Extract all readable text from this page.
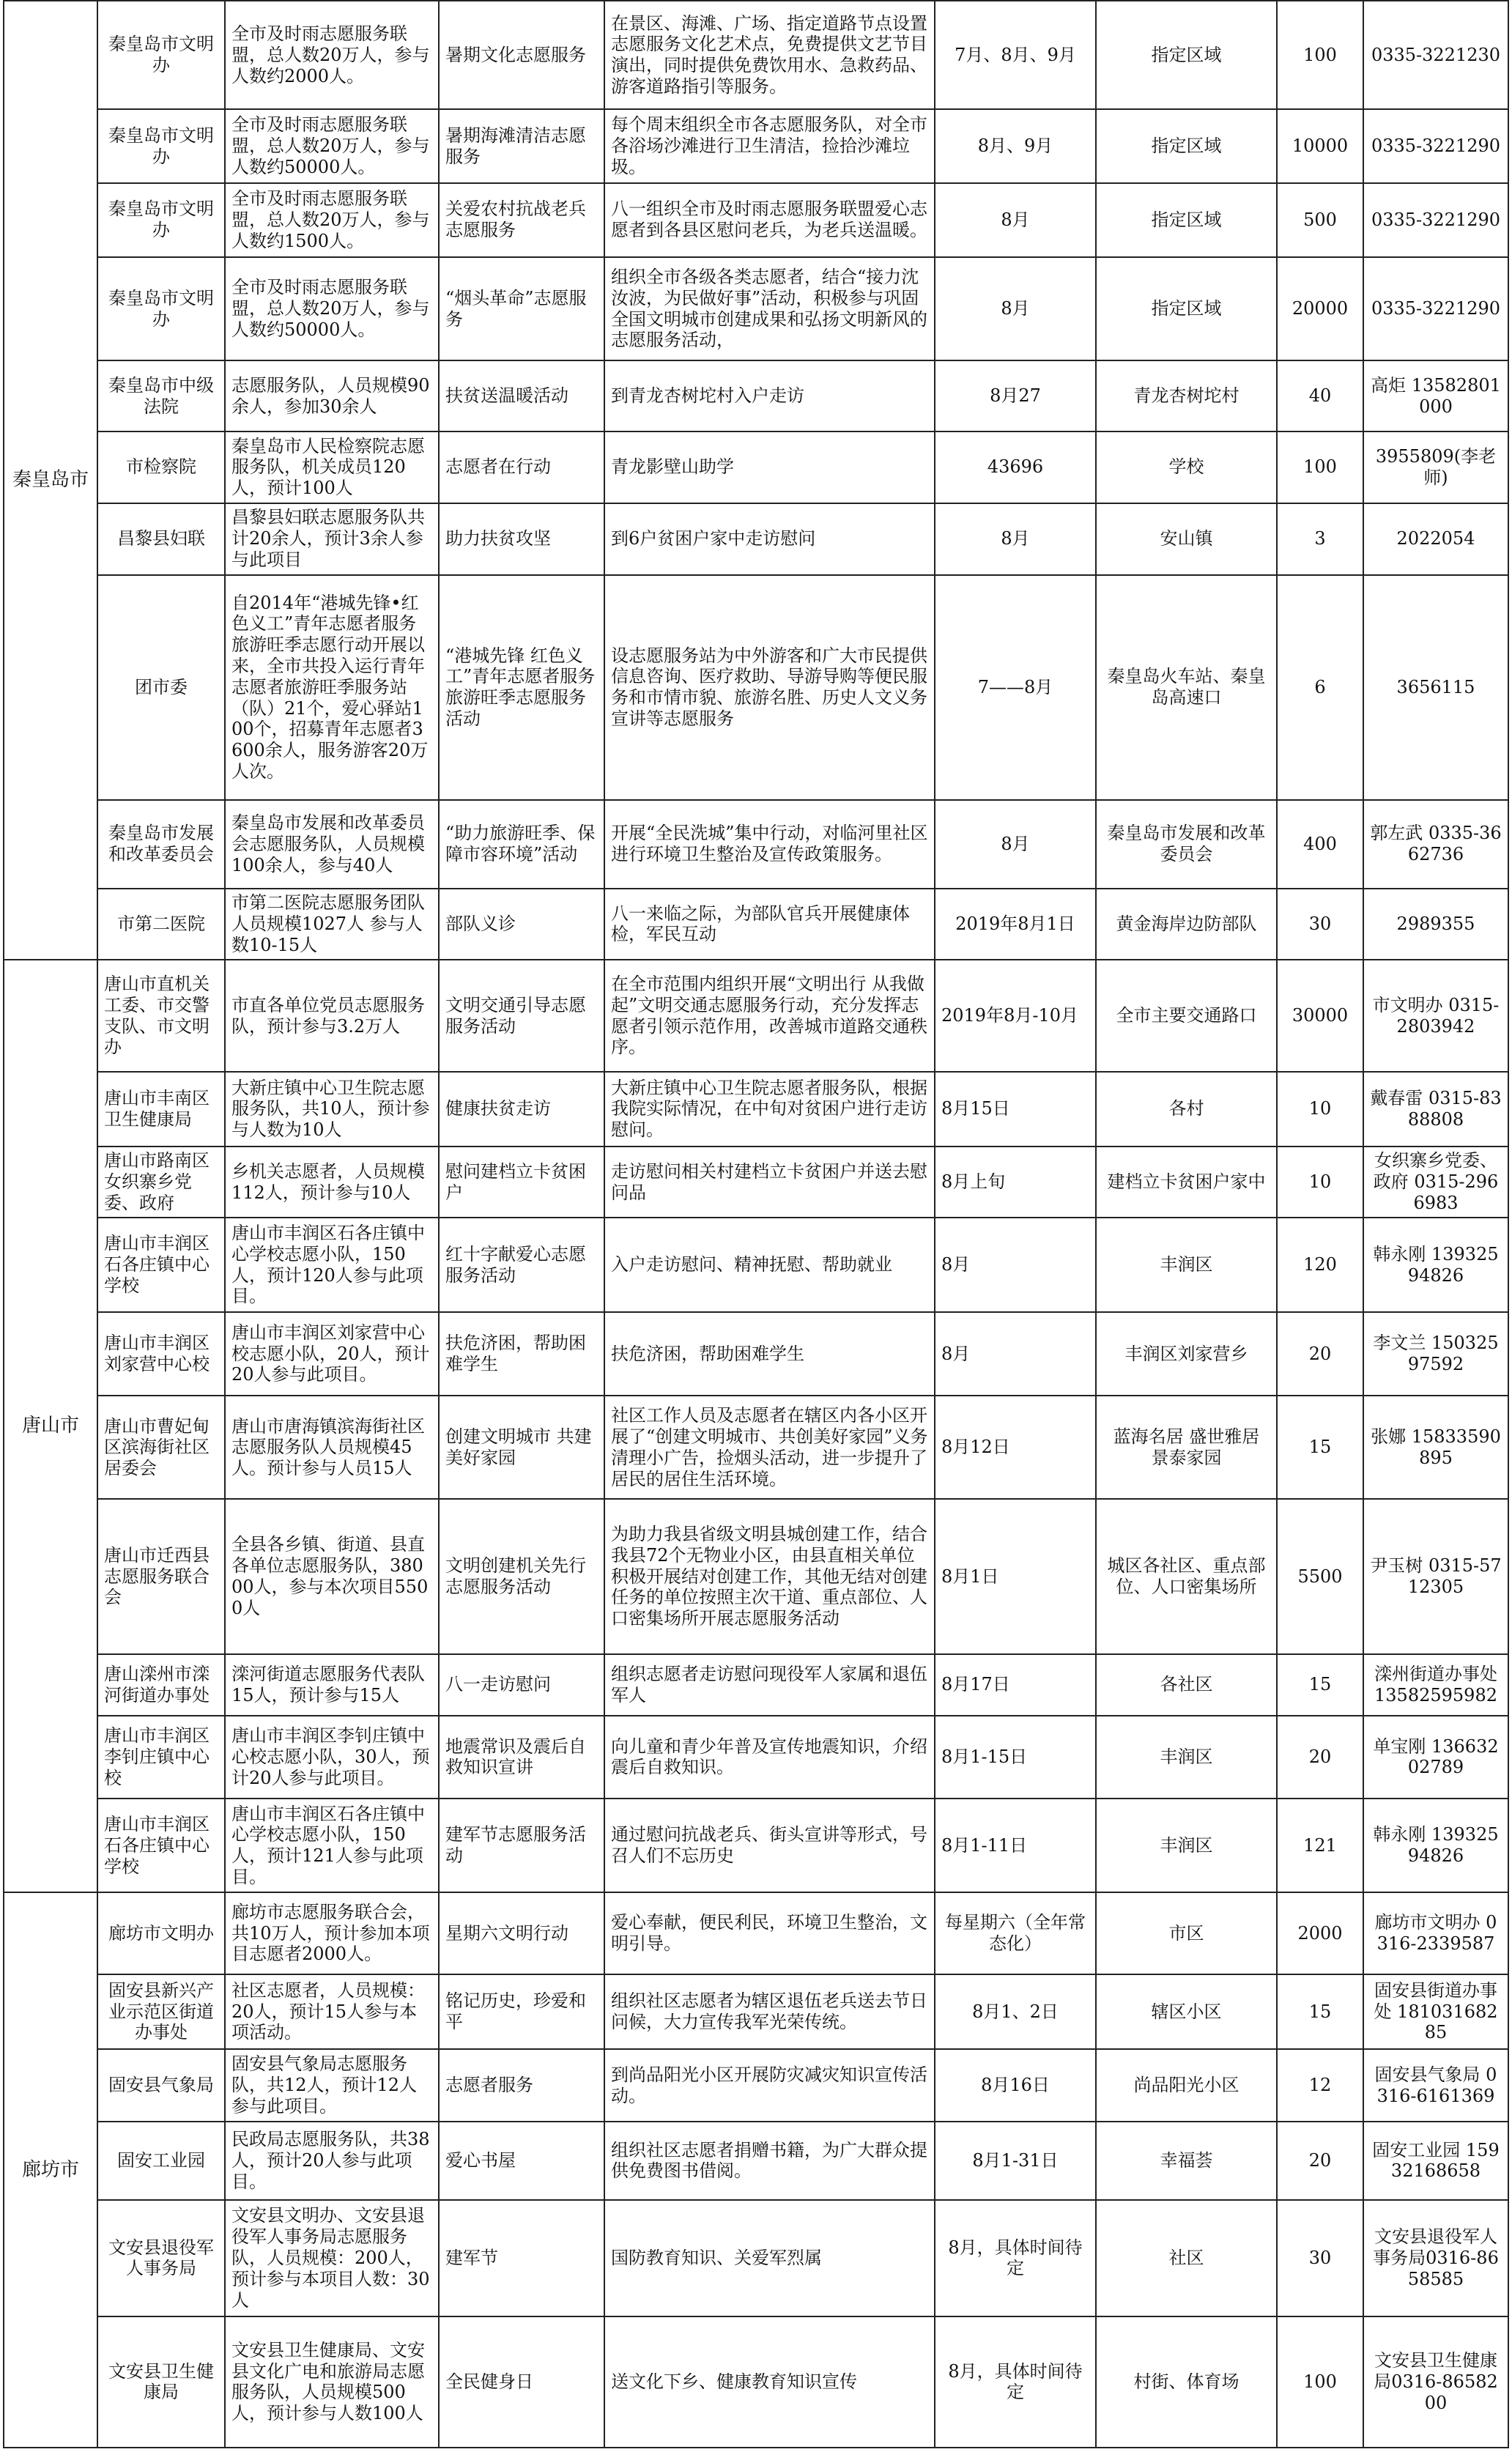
秦皇岛市	秦皇岛市文明办	全市及时雨志愿服务联盟，总人数20万人，参与人数约2000人。	暑期文化志愿服务	在景区、海滩、广场、指定道路节点设置志愿服务文化艺术点，免费提供文艺节目演出，同时提供免费饮用水、急救药品、游客道路指引等服务。	7月、8月、9月	指定区域	100	0335-3221230
	秦皇岛市文明办	全市及时雨志愿服务联盟，总人数20万人，参与人数约50000人。	暑期海滩清洁志愿服务	每个周末组织全市各志愿服务队，对全市各浴场沙滩进行卫生清洁，捡拾沙滩垃圾。	8月、9月	指定区域	10000	0335-3221290
	秦皇岛市文明办	全市及时雨志愿服务联盟，总人数20万人，参与人数约1500人。	关爱农村抗战老兵志愿服务	八一组织全市及时雨志愿服务联盟爱心志愿者到各县区慰问老兵，为老兵送温暖。	8月	指定区域	500	0335-3221290
	秦皇岛市文明办	全市及时雨志愿服务联盟，总人数20万人，参与人数约50000人。	“烟头革命”志愿服务	组织全市各级各类志愿者，结合“接力沈汝波，为民做好事”活动，积极参与巩固全国文明城市创建成果和弘扬文明新风的志愿服务活动，	8月	指定区域	20000	0335-3221290
	秦皇岛市中级法院	志愿服务队，人员规模90余人，参加30余人	扶贫送温暖活动	到青龙杏树坨村入户走访	8月27	青龙杏树坨村	40	高炬 13582801000
	市检察院	秦皇岛市人民检察院志愿服务队，机关成员120人，预计100人	志愿者在行动	青龙影壁山助学	43696	学校	100	3955809(李老师)
	昌黎县妇联	昌黎县妇联志愿服务队共计20余人，预计3余人参与此项目	助力扶贫攻坚	到6户贫困户家中走访慰问	8月	安山镇	3	2022054
	团市委	自2014年“港城先锋•红色义工”青年志愿者服务旅游旺季志愿行动开展以来，全市共投入运行青年志愿者旅游旺季服务站（队）21个，爱心驿站100个，招募青年志愿者3600余人，服务游客20万人次。	“港城先锋 红色义工”青年志愿者服务旅游旺季志愿服务活动	设志愿服务站为中外游客和广大市民提供信息咨询、医疗救助、导游导购等便民服务和市情市貌、旅游名胜、历史人文义务宣讲等志愿服务	7——8月	秦皇岛火车站、秦皇岛高速口	6	3656115
	秦皇岛市发展和改革委员会	秦皇岛市发展和改革委员会志愿服务队，人员规模100余人，参与40人	“助力旅游旺季、保障市容环境”活动	开展“全民洗城”集中行动，对临河里社区进行环境卫生整治及宣传政策服务。	8月	秦皇岛市发展和改革委员会	400	郭左武 0335-3662736
	市第二医院	市第二医院志愿服务团队 人员规模1027人 参与人数10-15人	部队义诊	八一来临之际，为部队官兵开展健康体检，军民互动	2019年8月1日	黄金海岸边防部队	30	2989355
唐山市	唐山市直机关工委、市交警支队、市文明办	市直各单位党员志愿服务队，预计参与3.2万人	文明交通引导志愿服务活动	在全市范围内组织开展“文明出行 从我做起”文明交通志愿服务行动，充分发挥志愿者引领示范作用，改善城市道路交通秩序。	2019年8月-10月	全市主要交通路口	30000	市文明办 0315-2803942
	唐山市丰南区卫生健康局	大新庄镇中心卫生院志愿服务队，共10人，预计参与人数为10人	健康扶贫走访	大新庄镇中心卫生院志愿者服务队，根据我院实际情况，在中旬对贫困户进行走访慰问。	8月15日	各村	10	戴春雷 0315-8388808
	唐山市路南区女织寨乡党委、政府	乡机关志愿者，人员规模112人，预计参与10人	慰问建档立卡贫困户	走访慰问相关村建档立卡贫困户并送去慰问品	8月上旬	建档立卡贫困户家中	10	女织寨乡党委、政府 0315-2966983
	唐山市丰润区石各庄镇中心学校	唐山市丰润区石各庄镇中心学校志愿小队，150人，预计120人参与此项目。	红十字献爱心志愿服务活动	入户走访慰问、精神抚慰、帮助就业	8月	丰润区	120	韩永刚 13932594826
	唐山市丰润区刘家营中心校	唐山市丰润区刘家营中心校志愿小队，20人，预计20人参与此项目。	扶危济困，帮助困难学生	扶危济困，帮助困难学生	8月	丰润区刘家营乡	20	李文兰 15032597592
	唐山市曹妃甸区滨海街社区居委会	唐山市唐海镇滨海街社区志愿服务队人员规模45人。预计参与人员15人	创建文明城市 共建美好家园	社区工作人员及志愿者在辖区内各小区开展了“创建文明城市、共创美好家园”义务清理小广告，捡烟头活动，进一步提升了居民的居住生活环境。	8月12日	蓝海名居 盛世雅居 景泰家园	15	张娜 15833590895
	唐山市迁西县志愿服务联合会	全县各乡镇、街道、县直各单位志愿服务队，38000人，参与本次项目5500人	文明创建机关先行志愿服务活动	为助力我县省级文明县城创建工作，结合我县72个无物业小区，由县直相关单位积极开展结对创建工作，其他无结对创建任务的单位按照主次干道、重点部位、人口密集场所开展志愿服务活动	8月1日	城区各社区、重点部位、人口密集场所	5500	尹玉树 0315-5712305
	唐山滦州市滦河街道办事处	滦河街道志愿服务代表队15人，预计参与15人	八一走访慰问	组织志愿者走访慰问现役军人家属和退伍军人	8月17日	各社区	15	滦州街道办事处13582595982
	唐山市丰润区李钊庄镇中心校	唐山市丰润区李钊庄镇中心校志愿小队，30人，预计20人参与此项目。	地震常识及震后自救知识宣讲	向儿童和青少年普及宣传地震知识，介绍震后自救知识。	8月1-15日	丰润区	20	单宝刚 13663202789
	唐山市丰润区石各庄镇中心学校	唐山市丰润区石各庄镇中心学校志愿小队，150人，预计121人参与此项目。	建军节志愿服务活动	通过慰问抗战老兵、街头宣讲等形式，号召人们不忘历史	8月1-11日	丰润区	121	韩永刚 13932594826
廊坊市	廊坊市文明办	廊坊市志愿服务联合会，共10万人，预计参加本项目志愿者2000人。	星期六文明行动	爱心奉献，便民利民，环境卫生整治，文明引导。	每星期六（全年常态化）	市区	2000	廊坊市文明办 0316-2339587
	固安县新兴产业示范区街道办事处	社区志愿者，人员规模：20人，预计15人参与本项活动。	铭记历史，珍爱和平	组织社区志愿者为辖区退伍老兵送去节日问候，大力宣传我军光荣传统。	8月1、2日	辖区小区	15	固安县街道办事处 18103168285
	固安县气象局	固安县气象局志愿服务队，共12人，预计12人参与此项目。	志愿者服务	到尚品阳光小区开展防灾减灾知识宣传活动。	8月16日	尚品阳光小区	12	固安县气象局 0316-6161369
	固安工业园	民政局志愿服务队，共38人，预计20人参与此项目。	爱心书屋	组织社区志愿者捐赠书籍，为广大群众提供免费图书借阅。	8月1-31日	幸福荟	20	固安工业园 15932168658
	文安县退役军人事务局	文安县文明办、文安县退役军人事务局志愿服务队，人员规模：200人，预计参与本项目人数：30人	建军节	国防教育知识、关爱军烈属	8月，具体时间待定	社区	30	文安县退役军人事务局0316-8658585
	文安县卫生健康局	文安县卫生健康局、文安县文化广电和旅游局志愿服务队，人员规模500人，预计参与人数100人	全民健身日	送文化下乡、健康教育知识宣传	8月，具体时间待定	村街、体育场	100	文安县卫生健康局0316-8658200
